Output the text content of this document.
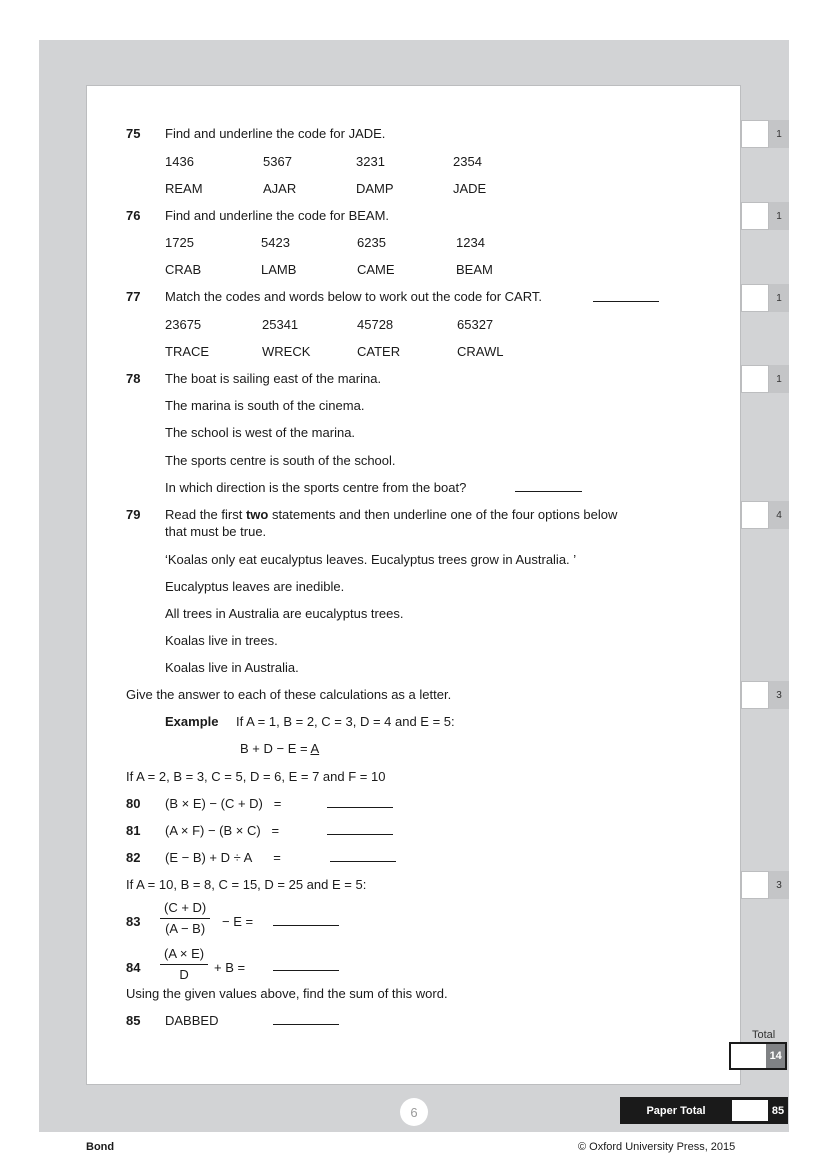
75 Find and underline the code for JADE.
1436	5367	3231	2354
REAM	AJAR	DAMP	JADE
1
76 Find and underline the code for BEAM.
1725	5423	6235	1234
CRAB	LAMB	CAME	BEAM
1
77 Match the codes and words below to work out the code for CART.
23675	25341	45728	65327
TRACE	WRECK	CATER	CRAWL
1
78 The boat is sailing east of the marina.
The marina is south of the cinema.
The school is west of the marina.
The sports centre is south of the school.
In which direction is the sports centre from the boat?
1
79 Read the first two statements and then underline one of the four options below
that must be true.
‘Koalas only eat eucalyptus leaves. Eucalyptus trees grow in Australia. ’
Eucalyptus leaves are inedible.
All trees in Australia are eucalyptus trees.
Koalas live in trees.
Koalas live in Australia.
4
Give the answer to each of these calculations as a letter.	3
Example If A = 1, B = 2, C = 3, D = 4 and E = 5:
B + D − E = A
If A = 2, B = 3, C = 5, D = 6, E = 7 and F = 10
80 (B × E) − (C + D)   =
81 (A × F) − (B × C)   =
82 (E − B) + D ÷ A      =
If A = 10, B = 8, C = 15, D = 25 and E = 5:	3
$83 \frac{(C + D)}{(A - B)} - E$ =
$84 \frac{(A \times E)}{D} + B$ =
Using the given values above, find the sum of this word.
85 DABBED
Total
14
6	Paper Total	85
Bond	© Oxford University Press, 2015
